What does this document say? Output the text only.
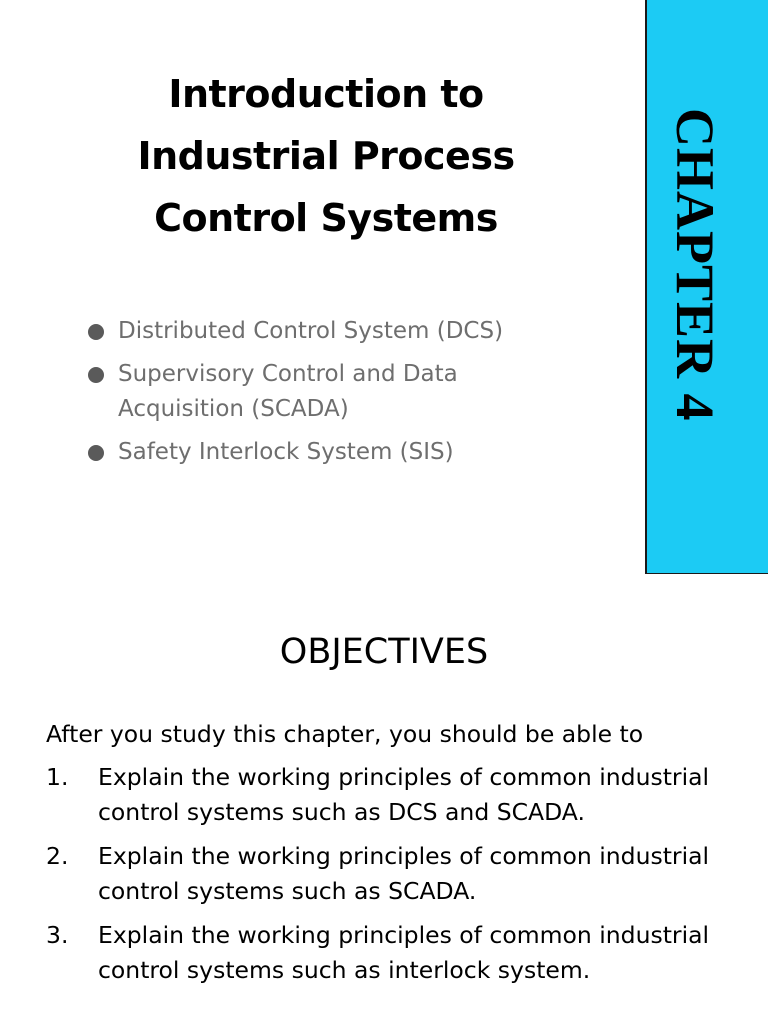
Introduction to
Industrial Process
Control Systems	CHAPTER 4
Distributed Control System (DCS)
Supervisory Control and Data Acquisition (SCADA)
Safety Interlock System (SIS)
OBJECTIVES
After you study this chapter, you should be able to
1. Explain the working principles of common industrial control systems such as DCS and SCADA.
2. Explain the working principles of common industrial control systems such as SCADA.
3. Explain the working principles of common industrial control systems such as interlock system.
